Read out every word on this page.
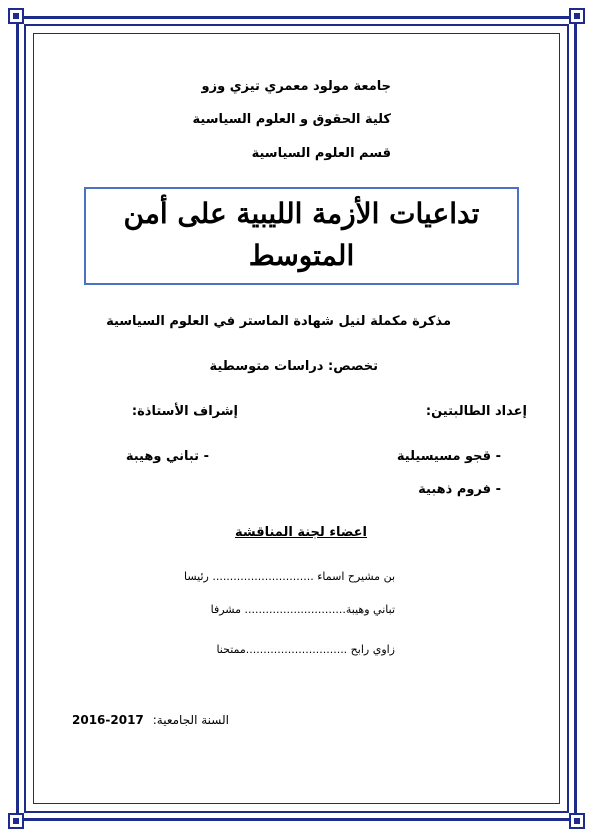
جامعة مولود معمري تيزي وزو
كلية الحقوق و العلوم السياسية
قسم العلوم السياسية
تداعيات الأزمة الليبية على أمن
المتوسط
مذكرة مكملة لنيل شهادة الماستر في العلوم السياسية
تخصص: دراسات متوسطية
إعداد الطالبتين:
إشراف الأستاذة:
- قجو مسيسيلية
- تباني وهيبة
- فروم ذهبية
اعضاء لجنة المناقشة
بن مشيرح اسماء ............................. رئيسا
تباني وهيبة............................. مشرفا
زاوي رابح .............................ممتحنا
السنة الجامعية:
2016-2017
